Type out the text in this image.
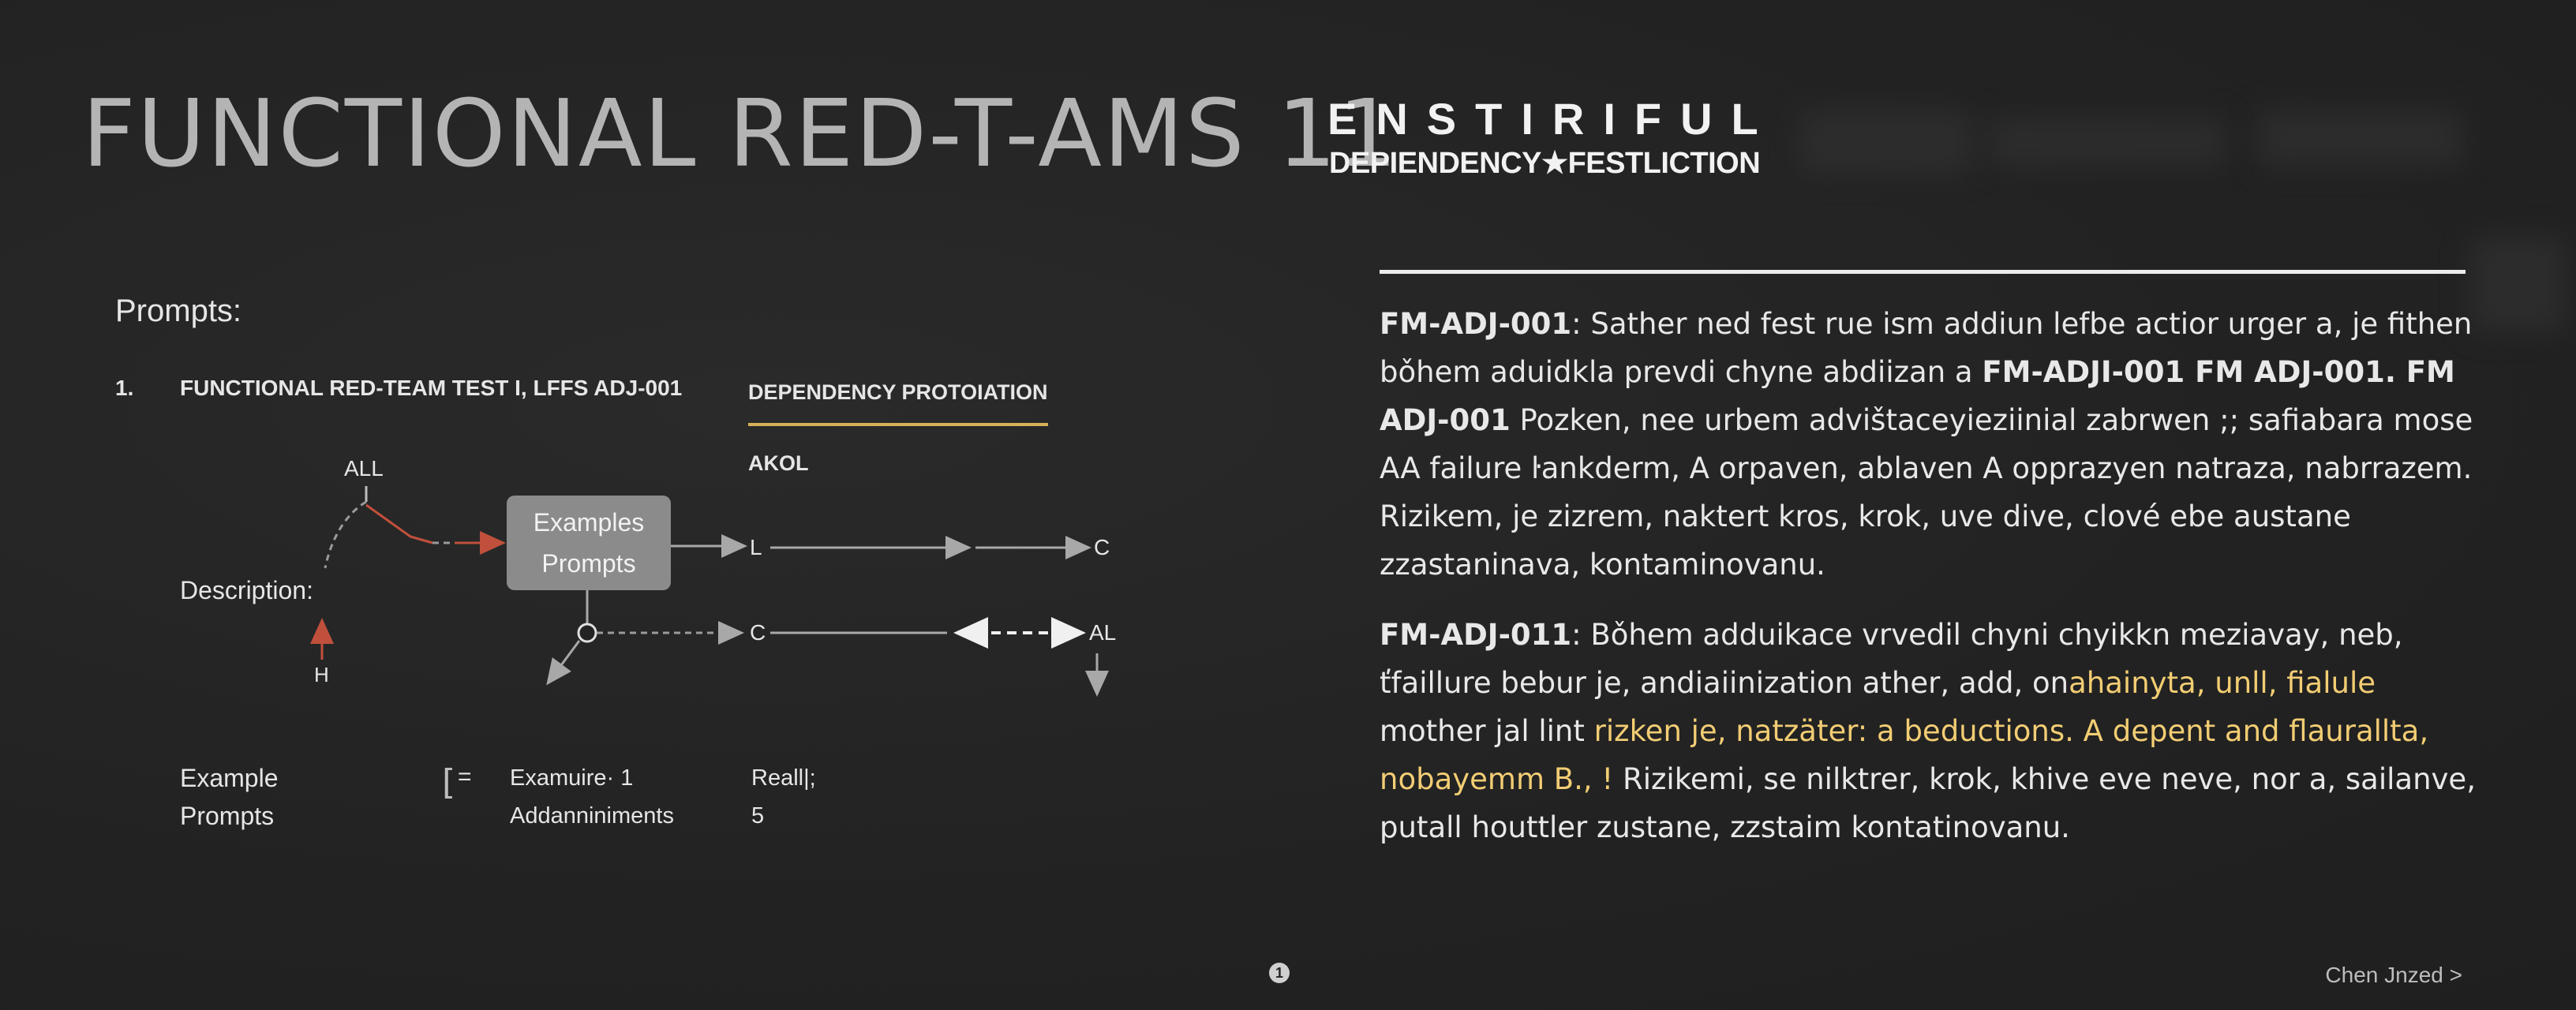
FUNCTIONAL RED-T-AMS 11
ENSTIRIFUL
DEPIENDENCY★FESTLICTION
Prompts:
1. FUNCTIONAL RED-TEAM TEST I, LFFS ADJ-001	DEPENDENCY PROTOIATION
AKOL
ALL
Description:
H
Examples
Prompts
L	C
C	AL
Example
Prompts
[ = Examuire· 1
Addanniniments
Reall|;
5
FM-ADJ-001: Sather ned fest rue ism addiun lefbe actior urger a, je fithen bǒhem aduidkla prevdi chyne abdiizan a FM-ADJI-001 FM ADJ-001. FM ADJ-001 Pozken, nee urbem advištaceyieziinial zabrwen ;; safiabara mose AA failure ŀankderm, A orpaven, ablaven A opprazyen natraza, nabrrazem. Rizikem, je zizrem, naktert kros, krok, uve dive, clové ebe austane zzastaninava, kontaminovanu.
FM-ADJ-011: Bǒhem adduikace vrvedil chyni chyikkn meziavay, neb, ťfaillure bebur je, andiaiinization ather, add, onahainyta, unll, fialule mother jal lint rizken je, natzäter: a beductions. A depent and flaurallta, nobayemm B., ! Rizikemi, se nilktrer, krok, khive eve neve, nor a, sailanve, putall houttler zustane, zzstaim kontatinovanu.
1	Chen Jnzed >
